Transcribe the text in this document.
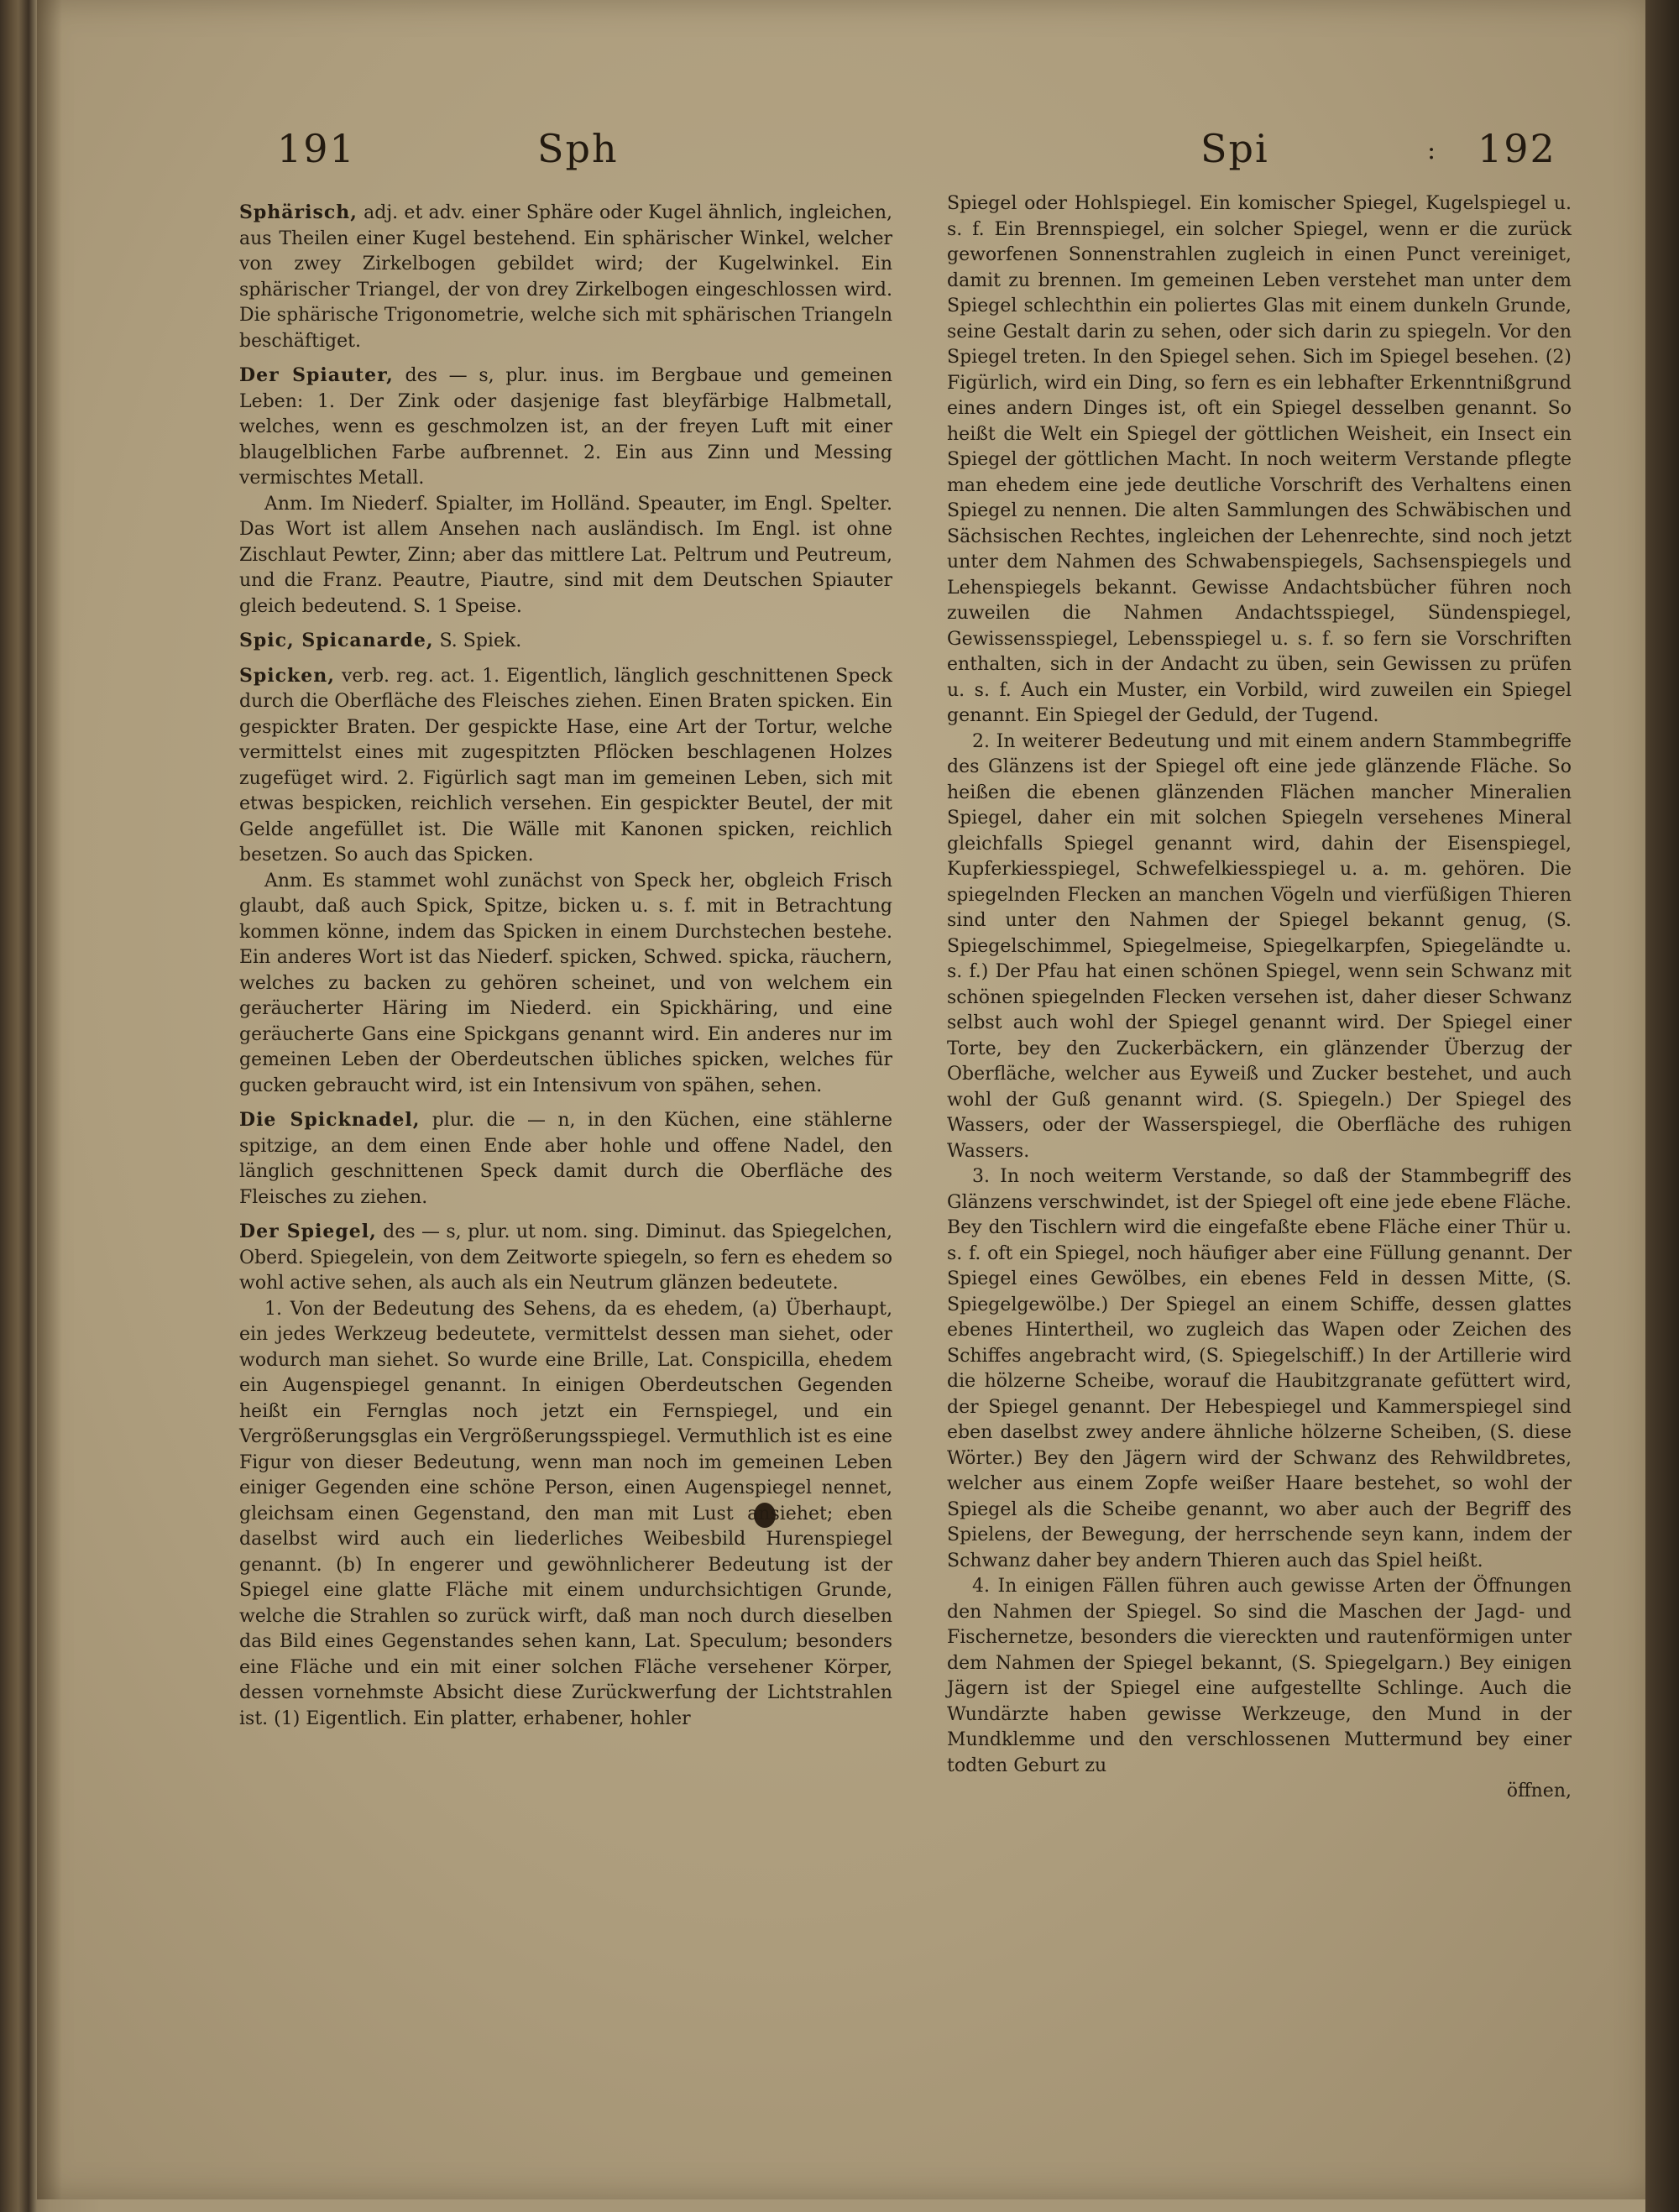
191	Sph	Spi	: 192

Sphärisch, adj. et adv. einer Sphäre oder Kugel ähnlich, ingleichen, aus Theilen einer Kugel bestehend. Ein sphärischer Winkel, welcher von zwey Zirkelbogen gebildet wird; der Kugelwinkel. Ein sphärischer Triangel, der von drey Zirkelbogen eingeschlossen wird. Die sphärische Trigonometrie, welche sich mit sphärischen Triangeln beschäftiget.

Der Spiauter, des — s, plur. inus. im Bergbaue und gemeinen Leben: 1. Der Zink oder dasjenige fast bleyfärbige Halbmetall, welches, wenn es geschmolzen ist, an der freyen Luft mit einer blaugelblichen Farbe aufbrennet. 2. Ein aus Zinn und Messing vermischtes Metall.

Anm. Im Niederf. Spialter, im Holländ. Speauter, im Engl. Spelter. Das Wort ist allem Ansehen nach ausländisch. Im Engl. ist ohne Zischlaut Pewter, Zinn; aber das mittlere Lat. Peltrum und Peutreum, und die Franz. Peautre, Piautre, sind mit dem Deutschen Spiauter gleich bedeutend. S. 1 Speise.

Spic, Spicanarde, S. Spiek.

Spicken, verb. reg. act. 1. Eigentlich, länglich geschnittenen Speck durch die Oberfläche des Fleisches ziehen. Einen Braten spicken. Ein gespickter Braten. Der gespickte Hase, eine Art der Tortur, welche vermittelst eines mit zugespitzten Pflöcken beschlagenen Holzes zugefüget wird. 2. Figürlich sagt man im gemeinen Leben, sich mit etwas bespicken, reichlich versehen. Ein gespickter Beutel, der mit Gelde angefüllet ist. Die Wälle mit Kanonen spicken, reichlich besetzen. So auch das Spicken.

Anm. Es stammet wohl zunächst von Speck her, obgleich Frisch glaubt, daß auch Spick, Spitze, bicken u. s. f. mit in Betrachtung kommen könne, indem das Spicken in einem Durchstechen bestehe. Ein anderes Wort ist das Niederf. spicken, Schwed. spicka, räuchern, welches zu backen zu gehören scheinet, und von welchem ein geräucherter Häring im Niederd. ein Spickhäring, und eine geräucherte Gans eine Spickgans genannt wird. Ein anderes nur im gemeinen Leben der Oberdeutschen übliches spicken, welches für gucken gebraucht wird, ist ein Intensivum von spähen, sehen.

Die Spicknadel, plur. die — n, in den Küchen, eine stählerne spitzige, an dem einen Ende aber hohle und offene Nadel, den länglich geschnittenen Speck damit durch die Oberfläche des Fleisches zu ziehen.

Der Spiegel, des — s, plur. ut nom. sing. Diminut. das Spiegelchen, Oberd. Spiegelein, von dem Zeitworte spiegeln, so fern es ehedem so wohl active sehen, als auch als ein Neutrum glänzen bedeutete.

1. Von der Bedeutung des Sehens, da es ehedem, (a) Überhaupt, ein jedes Werkzeug bedeutete, vermittelst dessen man siehet, oder wodurch man siehet. So wurde eine Brille, Lat. Conspicilla, ehedem ein Augenspiegel genannt. In einigen Oberdeutschen Gegenden heißt ein Fernglas noch jetzt ein Fernspiegel, und ein Vergrößerungsglas ein Vergrößerungsspiegel. Vermuthlich ist es eine Figur von dieser Bedeutung, wenn man noch im gemeinen Leben einiger Gegenden eine schöne Person, einen Augenspiegel nennet, gleichsam einen Gegenstand, den man mit Lust ansiehet; eben daselbst wird auch ein liederliches Weibesbild Hurenspiegel genannt. (b) In engerer und gewöhnlicherer Bedeutung ist der Spiegel eine glatte Fläche mit einem undurchsichtigen Grunde, welche die Strahlen so zurück wirft, daß man noch durch dieselben das Bild eines Gegenstandes sehen kann, Lat. Speculum; besonders eine Fläche und ein mit einer solchen Fläche versehener Körper, dessen vornehmste Absicht diese Zurückwerfung der Lichtstrahlen ist. (1) Eigentlich. Ein platter, erhabener, hohler

Spiegel oder Hohlspiegel. Ein komischer Spiegel, Kugelspiegel u. s. f. Ein Brennspiegel, ein solcher Spiegel, wenn er die zurück geworfenen Sonnenstrahlen zugleich in einen Punct vereiniget, damit zu brennen. Im gemeinen Leben verstehet man unter dem Spiegel schlechthin ein poliertes Glas mit einem dunkeln Grunde, seine Gestalt darin zu sehen, oder sich darin zu spiegeln. Vor den Spiegel treten. In den Spiegel sehen. Sich im Spiegel besehen. (2) Figürlich, wird ein Ding, so fern es ein lebhafter Erkenntnißgrund eines andern Dinges ist, oft ein Spiegel desselben genannt. So heißt die Welt ein Spiegel der göttlichen Weisheit, ein Insect ein Spiegel der göttlichen Macht. In noch weiterm Verstande pflegte man ehedem eine jede deutliche Vorschrift des Verhaltens einen Spiegel zu nennen. Die alten Sammlungen des Schwäbischen und Sächsischen Rechtes, ingleichen der Lehenrechte, sind noch jetzt unter dem Nahmen des Schwabenspiegels, Sachsenspiegels und Lehenspiegels bekannt. Gewisse Andachtsbücher führen noch zuweilen die Nahmen Andachtsspiegel, Sündenspiegel, Gewissensspiegel, Lebensspiegel u. s. f. so fern sie Vorschriften enthalten, sich in der Andacht zu üben, sein Gewissen zu prüfen u. s. f. Auch ein Muster, ein Vorbild, wird zuweilen ein Spiegel genannt. Ein Spiegel der Geduld, der Tugend.

2. In weiterer Bedeutung und mit einem andern Stammbegriffe des Glänzens ist der Spiegel oft eine jede glänzende Fläche. So heißen die ebenen glänzenden Flächen mancher Mineralien Spiegel, daher ein mit solchen Spiegeln versehenes Mineral gleichfalls Spiegel genannt wird, dahin der Eisenspiegel, Kupferkiesspiegel, Schwefelkiesspiegel u. a. m. gehören. Die spiegelnden Flecken an manchen Vögeln und vierfüßigen Thieren sind unter den Nahmen der Spiegel bekannt genug, (S. Spiegelschimmel, Spiegelmeise, Spiegelkarpfen, Spiegeländte u. s. f.) Der Pfau hat einen schönen Spiegel, wenn sein Schwanz mit schönen spiegelnden Flecken versehen ist, daher dieser Schwanz selbst auch wohl der Spiegel genannt wird. Der Spiegel einer Torte, bey den Zuckerbäckern, ein glänzender Überzug der Oberfläche, welcher aus Eyweiß und Zucker bestehet, und auch wohl der Guß genannt wird. (S. Spiegeln.) Der Spiegel des Wassers, oder der Wasserspiegel, die Oberfläche des ruhigen Wassers.

3. In noch weiterm Verstande, so daß der Stammbegriff des Glänzens verschwindet, ist der Spiegel oft eine jede ebene Fläche. Bey den Tischlern wird die eingefaßte ebene Fläche einer Thür u. s. f. oft ein Spiegel, noch häufiger aber eine Füllung genannt. Der Spiegel eines Gewölbes, ein ebenes Feld in dessen Mitte, (S. Spiegelgewölbe.) Der Spiegel an einem Schiffe, dessen glattes ebenes Hintertheil, wo zugleich das Wapen oder Zeichen des Schiffes angebracht wird, (S. Spiegelschiff.) In der Artillerie wird die hölzerne Scheibe, worauf die Haubitzgranate gefüttert wird, der Spiegel genannt. Der Hebespiegel und Kammerspiegel sind eben daselbst zwey andere ähnliche hölzerne Scheiben, (S. diese Wörter.) Bey den Jägern wird der Schwanz des Rehwildbretes, welcher aus einem Zopfe weißer Haare bestehet, so wohl der Spiegel als die Scheibe genannt, wo aber auch der Begriff des Spielens, der Bewegung, der herrschende seyn kann, indem der Schwanz daher bey andern Thieren auch das Spiel heißt.

4. In einigen Fällen führen auch gewisse Arten der Öffnungen den Nahmen der Spiegel. So sind die Maschen der Jagd- und Fischernetze, besonders die viereckten und rautenförmigen unter dem Nahmen der Spiegel bekannt, (S. Spiegelgarn.) Bey einigen Jägern ist der Spiegel eine aufgestellte Schlinge. Auch die Wundärzte haben gewisse Werkzeuge, den Mund in der Mundklemme und den verschlossenen Muttermund bey einer todten Geburt zu

öffnen,
